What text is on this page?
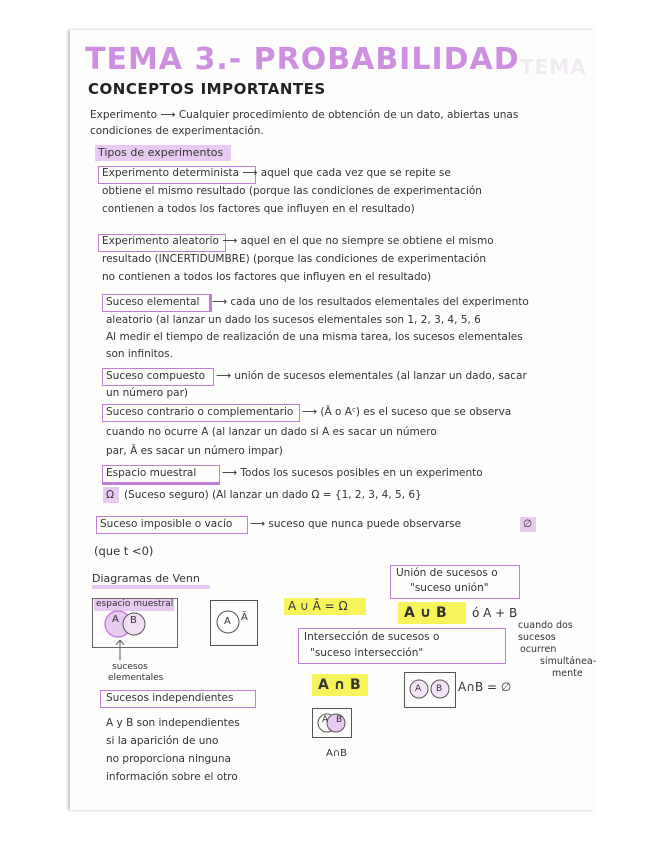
TEMA
TEMA 3.- PROBABILIDAD
CONCEPTOS IMPORTANTES
Experimento ⟶ Cualquier procedimiento de obtención de un dato, abiertas unas
condiciones de experimentación.
Tipos de experimentos
Experimento determinista ⟶ aquel que cada vez que se repite se
obtiene el mismo resultado (porque las condiciones de experimentación
contienen a todos los factores que influyen en el resultado)
Experimento aleatorio ⟶ aquel en el que no siempre se obtiene el mismo
resultado (INCERTIDUMBRE) (porque las condiciones de experimentación
no contienen a todos los factores que influyen en el resultado)
Suceso elemental ⟶ cada uno de los resultados elementales del experimento
aleatorio (al lanzar un dado los sucesos elementales son 1, 2, 3, 4, 5, 6
Al medir el tiempo de realización de una misma tarea, los sucesos elementales
son infinitos.
Suceso compuesto ⟶ unión de sucesos elementales (al lanzar un dado, sacar
un número par)
Suceso contrario o complementario ⟶ (Ā o Aᶜ) es el suceso que se observa
cuando no ocurre A (al lanzar un dado si A es sacar un número
par, Ā es sacar un número impar)
Espacio muestral ⟶ Todos los sucesos posibles en un experimento
Ω (Suceso seguro) (Al lanzar un dado Ω = {1, 2, 3, 4, 5, 6}
Suceso imposible o vacío ⟶ suceso que nunca puede observarse	∅
(que t <0)
Diagramas de Venn
espacio muestral
A B
sucesos
elementales
A Ā
A ∪ Ā = Ω
Unión de sucesos o
"suceso unión"
A ∪ B ó A + B
Intersección de sucesos o
"suceso intersección"
cuando dos
sucesos
ocurren
simultánea-
mente
A ∩ B	A B A∩B = ∅
A B
A∩B
Sucesos independientes
A y B son independientes
si la aparición de uno
no proporciona ninguna
información sobre el otro
